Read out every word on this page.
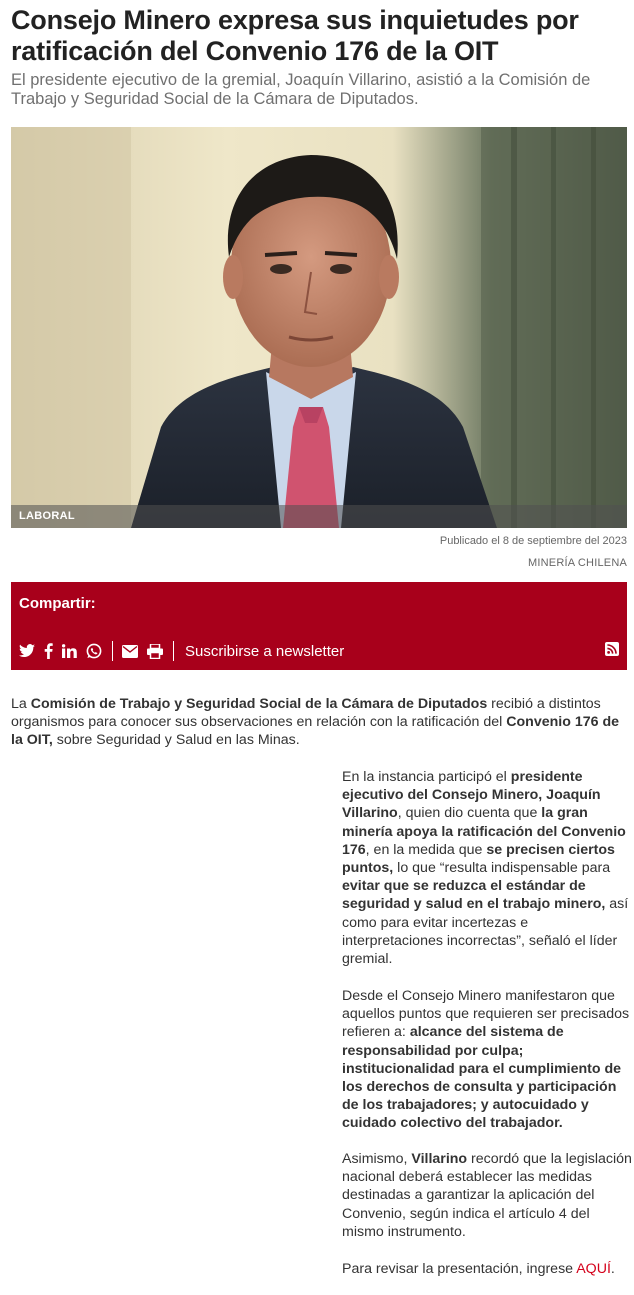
Consejo Minero expresa sus inquietudes por ratificación del Convenio 176 de la OIT
El presidente ejecutivo de la gremial, Joaquín Villarino, asistió a la Comisión de Trabajo y Seguridad Social de la Cámara de Diputados.
LABORAL
Publicado el 8 de septiembre del 2023
MINERÍA CHILENA
Compartir:
Suscribirse a newsletter

La Comisión de Trabajo y Seguridad Social de la Cámara de Diputados recibió a distintos organismos para conocer sus observaciones en relación con la ratificación del Convenio 176 de la OIT, sobre Seguridad y Salud en las Minas.

En la instancia participó el presidente ejecutivo del Consejo Minero, Joaquín Villarino, quien dio cuenta que la gran minería apoya la ratificación del Convenio 176, en la medida que se precisen ciertos puntos, lo que “resulta indispensable para evitar que se reduzca el estándar de seguridad y salud en el trabajo minero, así como para evitar incertezas e interpretaciones incorrectas”, señaló el líder gremial.

Desde el Consejo Minero manifestaron que aquellos puntos que requieren ser precisados refieren a: alcance del sistema de responsabilidad por culpa; institucionalidad para el cumplimiento de los derechos de consulta y participación de los trabajadores; y autocuidado y cuidado colectivo del trabajador.

Asimismo, Villarino recordó que la legislación nacional deberá establecer las medidas destinadas a garantizar la aplicación del Convenio, según indica el artículo 4 del mismo instrumento.

Para revisar la presentación, ingrese AQUÍ.
